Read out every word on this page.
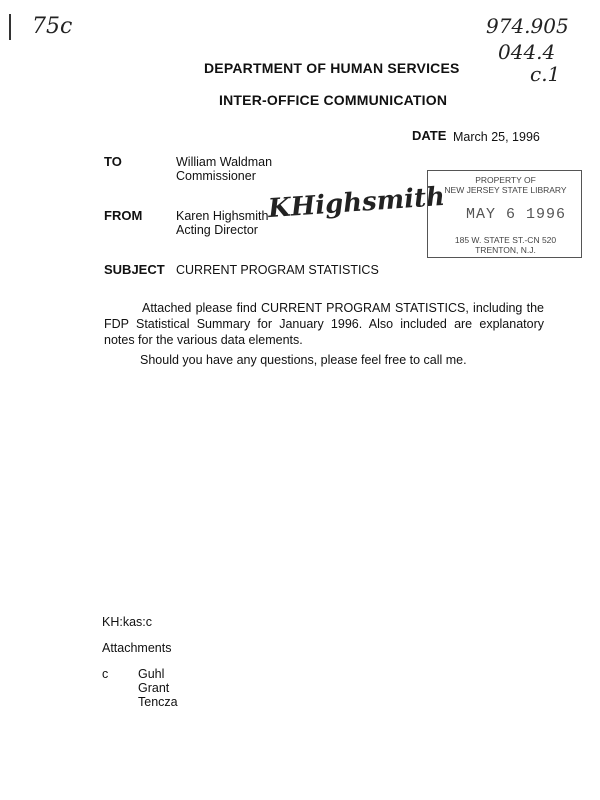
75c	974.905
044.4
c.1
DEPARTMENT OF HUMAN SERVICES
INTER-OFFICE COMMUNICATION
DATE March 25, 1996
TO	William Waldman
Commissioner
FROM	Karen Highsmith
Acting Director
KHighsmith
PROPERTY OF
NEW JERSEY STATE LIBRARY
MAY 6 1996
185 W. STATE ST.-CN 520
TRENTON, N.J.
SUBJECT CURRENT PROGRAM STATISTICS
Attached please find CURRENT PROGRAM STATISTICS, including the FDP Statistical Summary for January 1996. Also included are explanatory notes for the various data elements.
Should you have any questions, please feel free to call me.
KH:kas:c
Attachments
c Guhl
Grant
Tencza
